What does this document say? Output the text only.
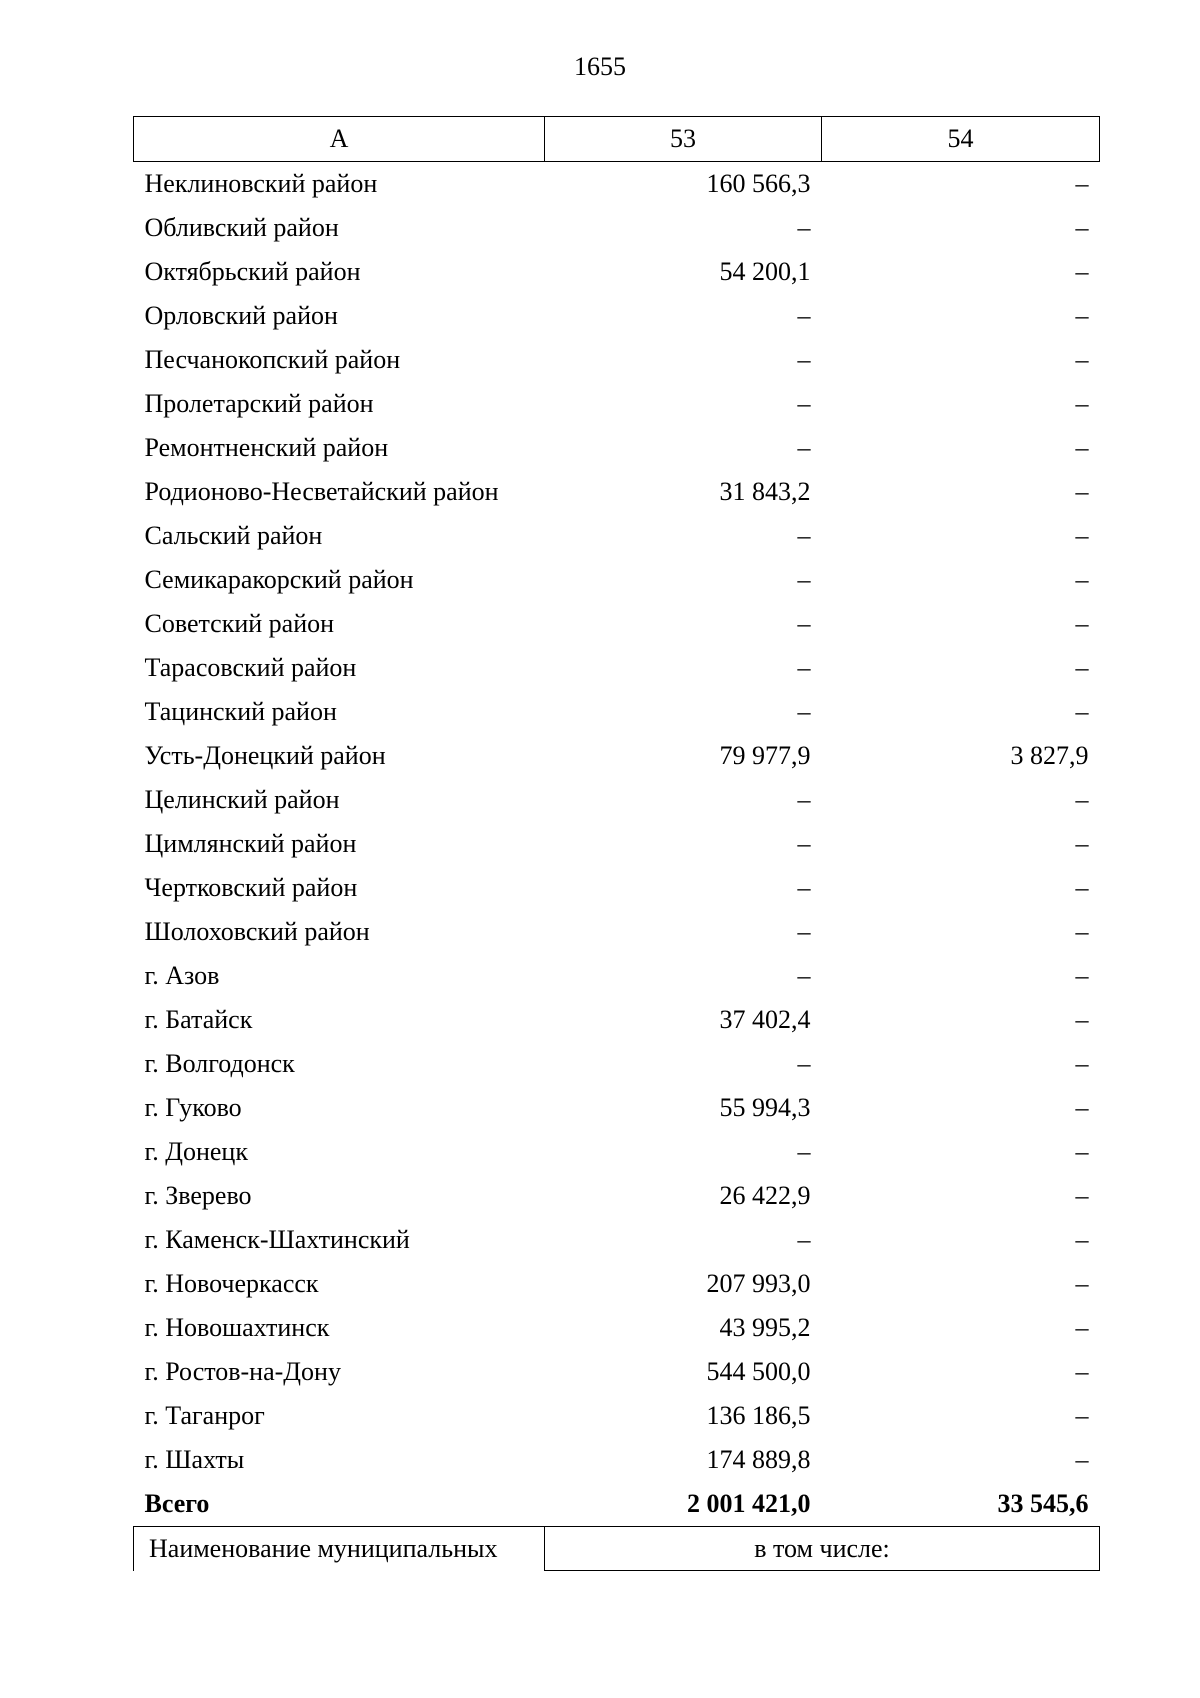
1655
А	53	54
Неклиновский район	160 566,3	–
Обливский район	–	–
Октябрьский район	54 200,1	–
Орловский район	–	–
Песчанокопский район	–	–
Пролетарский район	–	–
Ремонтненский район	–	–
Родионово-Несветайский район	31 843,2	–
Сальский район	–	–
Семикаракорский район	–	–
Советский район	–	–
Тарасовский район	–	–
Тацинский район	–	–
Усть-Донецкий район	79 977,9	3 827,9
Целинский район	–	–
Цимлянский район	–	–
Чертковский район	–	–
Шолоховский район	–	–
г. Азов	–	–
г. Батайск	37 402,4	–
г. Волгодонск	–	–
г. Гуково	55 994,3	–
г. Донецк	–	–
г. Зверево	26 422,9	–
г. Каменск-Шахтинский	–	–
г. Новочеркасск	207 993,0	–
г. Новошахтинск	43 995,2	–
г. Ростов-на-Дону	544 500,0	–
г. Таганрог	136 186,5	–
г. Шахты	174 889,8	–
Всего	2 001 421,0	33 545,6
Наименование муниципальных	в том числе:	
